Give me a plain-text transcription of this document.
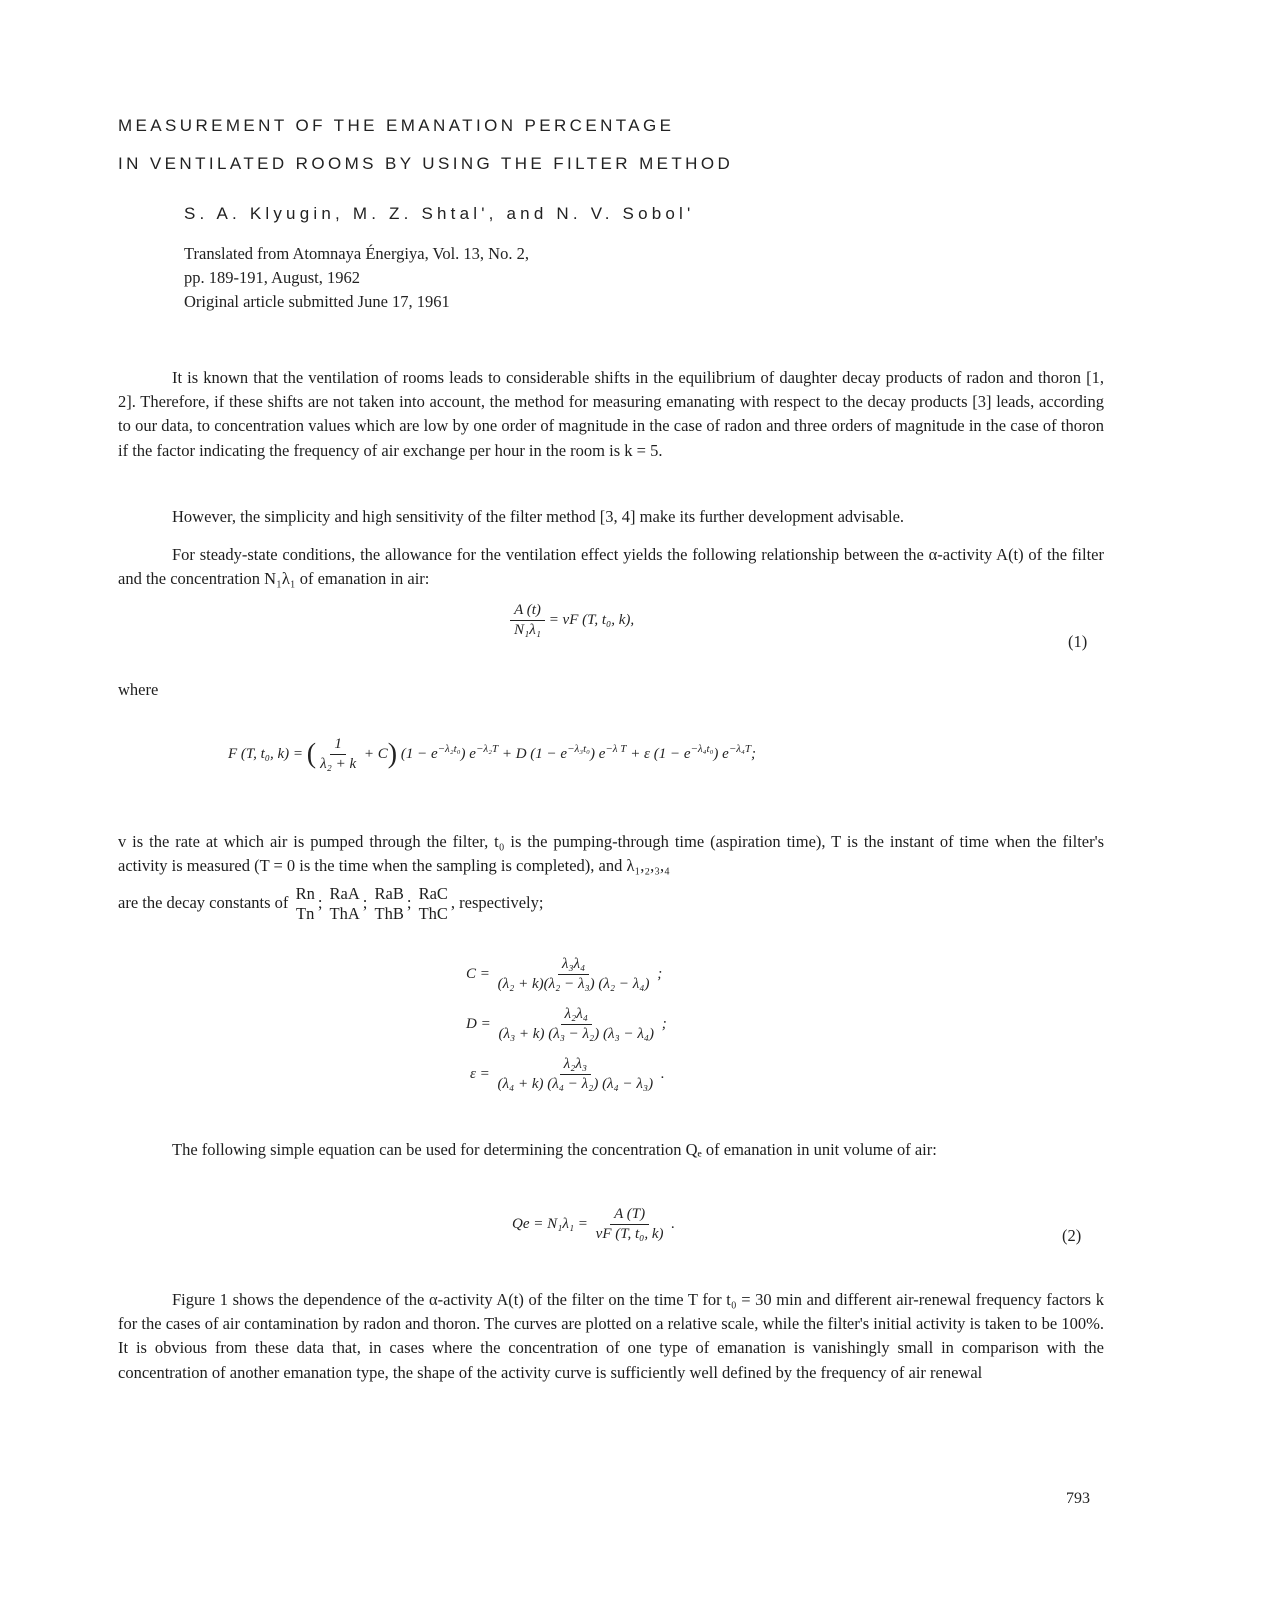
MEASUREMENT OF THE EMANATION PERCENTAGE
IN VENTILATED ROOMS BY USING THE FILTER METHOD
S. A. Klyugin, M. Z. Shtal', and N. V. Sobol'
Translated from Atomnaya Énergiya, Vol. 13, No. 2,
pp. 189-191, August, 1962
Original article submitted June 17, 1961
It is known that the ventilation of rooms leads to considerable shifts in the equilibrium of daughter decay products of radon and thoron [1, 2]. Therefore, if these shifts are not taken into account, the method for measuring emanating with respect to the decay products [3] leads, according to our data, to concentration values which are low by one order of magnitude in the case of radon and three orders of magnitude in the case of thoron if the factor indicating the frequency of air exchange per hour in the room is k = 5.
However, the simplicity and high sensitivity of the filter method [3, 4] make its further development advisable.
For steady-state conditions, the allowance for the ventilation effect yields the following relationship between the α-activity A(t) of the filter and the concentration N₁λ₁ of emanation in air:
$\frac{A (t)}{\text{N₁λ₁}}$ = vF (T, t₀, k),
(1)
where
F (T, t₀, k) = ( $\frac{1}{\text{λ₂ + k}} + C$) $(1 - e^{-\lambda_2t_0})$ $e^{-\lambda_2T} + D$ $(1 - e^{-\lambda_3t_0})$ $e^{-\lambda T} + \varepsilon$ $(1 - e^{-\lambda_4t_0})$ $e^{-\lambda_4T}$;
v is the rate at which air is pumped through the filter, t₀ is the pumping-through time (aspiration time), T is the instant of time when the filter's activity is measured (T = 0 is the time when the sampling is completed), and λ₁,₂,₃,₄
are the decay constants of Rn
Tn
; RaA
ThA
; RaB
ThB
; RaC
ThC
, respectively;
$C = \frac{\text{λ₃λ₄}}{\text{(λ₂ + k)(λ₂ − λ₃) (λ₂ − λ₄)}}$ ;
$D = \frac{\text{λ₂λ₄}}{\text{(λ₃ + k) (λ₃ − λ₂) (λ₃ − λ₄)}}$ ;
$\varepsilon = \frac{\text{λ₂λ₃}}{\text{(λ₄ + k) (λ₄ − λ₂) (λ₄ − λ₃)}}$ .
The following simple equation can be used for determining the concentration Qₑ of emanation in unit volume of air:
$Qe = N_1\lambda_1 = \frac{A (T)}{\text{vF (T, t₀, k)}}$ .
(2)
Figure 1 shows the dependence of the α-activity A(t) of the filter on the time T for t₀ = 30 min and different air-renewal frequency factors k for the cases of air contamination by radon and thoron. The curves are plotted on a relative scale, while the filter's initial activity is taken to be 100%. It is obvious from these data that, in cases where the concentration of one type of emanation is vanishingly small in comparison with the concentration of another emanation type, the shape of the activity curve is sufficiently well defined by the frequency of air renewal
793
